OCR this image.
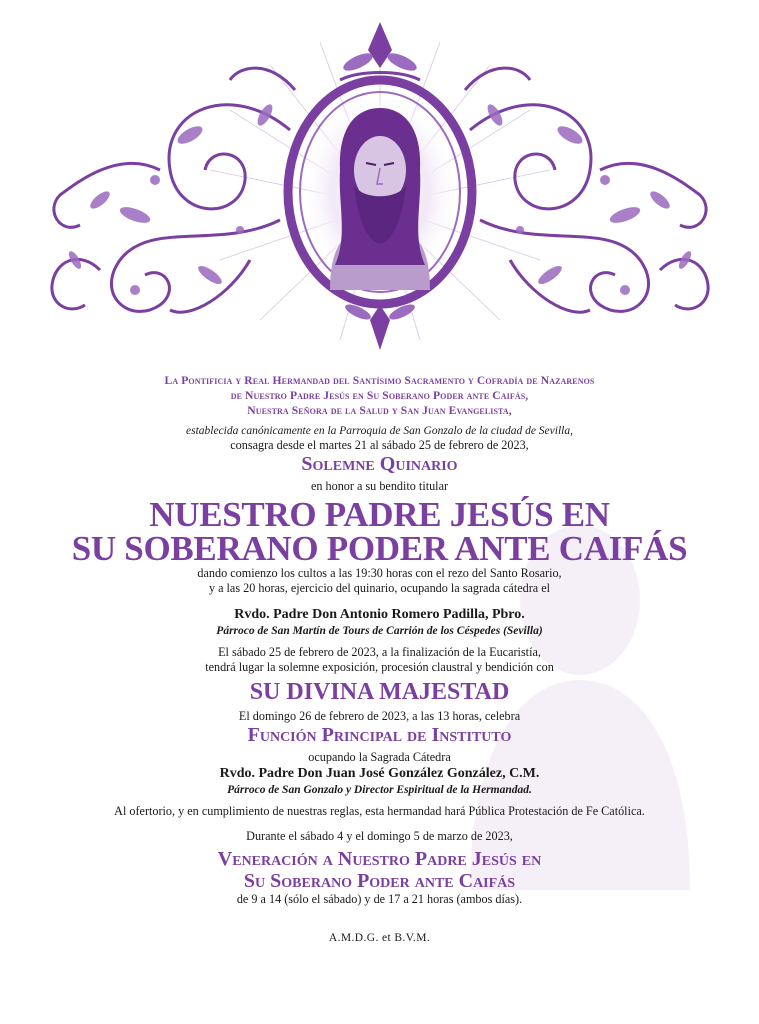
La Pontificia y Real Hermandad del Santísimo Sacramento y Cofradía de Nazarenos

de Nuestro Padre Jesús en Su Soberano Poder ante Caifás,

Nuestra Señora de la Salud y San Juan Evangelista,

establecida canónicamente en la Parroquia de San Gonzalo de la ciudad de Sevilla,

consagra desde el martes 21 al sábado 25 de febrero de 2023,

Solemne Quinario

en honor a su bendito titular

NUESTRO PADRE JESÚS EN

SU SOBERANO PODER ANTE CAIFÁS

dando comienzo los cultos a las 19:30 horas con el rezo del Santo Rosario,

y a las 20 horas, ejercicio del quinario, ocupando la sagrada cátedra el

Rvdo. Padre Don Antonio Romero Padilla, Pbro.

Párroco de San Martín de Tours de Carrión de los Céspedes (Sevilla)

El sábado 25 de febrero de 2023, a la finalización de la Eucaristía,

tendrá lugar la solemne exposición, procesión claustral y bendición con

SU DIVINA MAJESTAD

El domingo 26 de febrero de 2023, a las 13 horas, celebra

Función Principal de Instituto

ocupando la Sagrada Cátedra

Rvdo. Padre Don Juan José González González, C.M.

Párroco de San Gonzalo y Director Espiritual de la Hermandad.

Al ofertorio, y en cumplimiento de nuestras reglas, esta hermandad hará Pública Protestación de Fe Católica.

Durante el sábado 4 y el domingo 5 de marzo de 2023,

Veneración a Nuestro Padre Jesús en

Su Soberano Poder ante Caifás

de 9 a 14 (sólo el sábado) y de 17 a 21 horas (ambos días).

A.M.D.G. et B.V.M.
